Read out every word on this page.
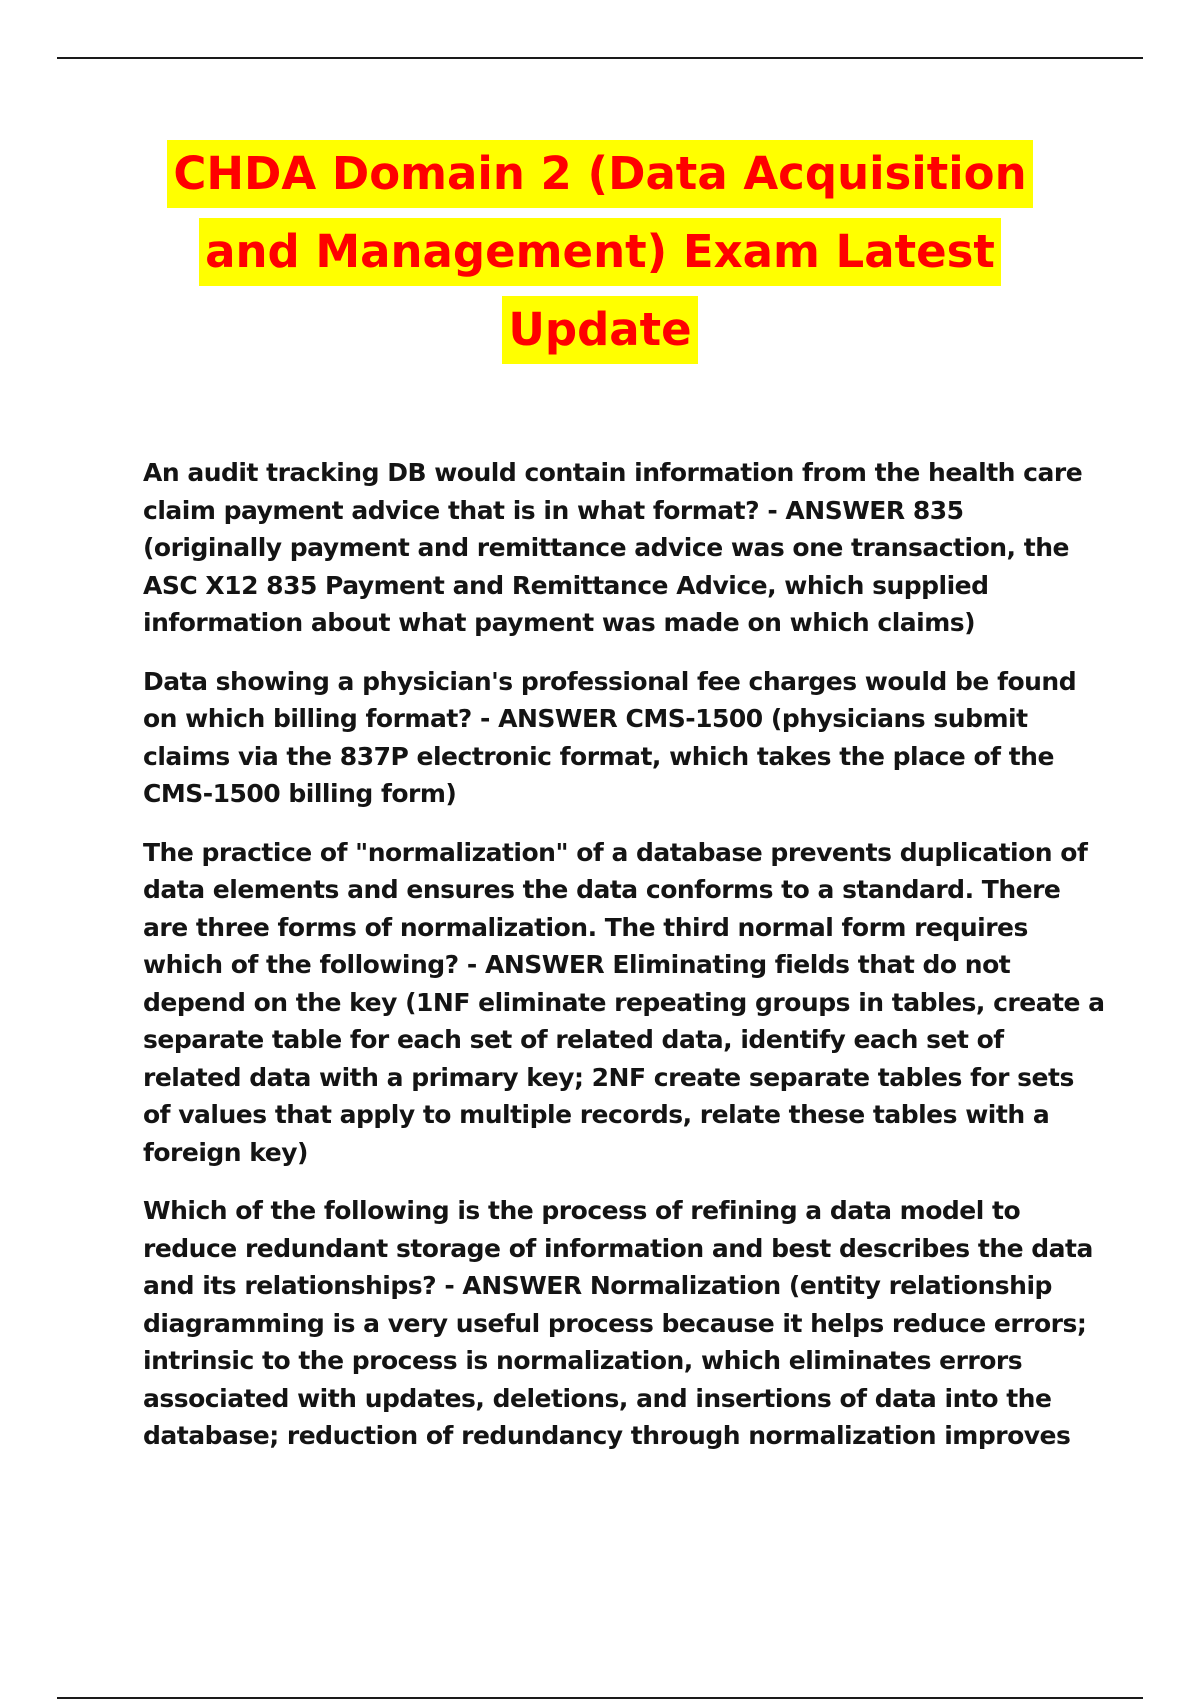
CHDA Domain 2 (Data Acquisition
and Management) Exam Latest
Update

An audit tracking DB would contain information from the health care claim payment advice that is in what format? - ANSWER 835 (originally payment and remittance advice was one transaction, the ASC X12 835 Payment and Remittance Advice, which supplied information about what payment was made on which claims)

Data showing a physician's professional fee charges would be found on which billing format? - ANSWER CMS-1500 (physicians submit claims via the 837P electronic format, which takes the place of the CMS-1500 billing form)

The practice of "normalization" of a database prevents duplication of data elements and ensures the data conforms to a standard. There are three forms of normalization. The third normal form requires which of the following? - ANSWER Eliminating fields that do not depend on the key (1NF eliminate repeating groups in tables, create a separate table for each set of related data, identify each set of related data with a primary key; 2NF create separate tables for sets of values that apply to multiple records, relate these tables with a foreign key)

Which of the following is the process of refining a data model to reduce redundant storage of information and best describes the data and its relationships? - ANSWER Normalization (entity relationship diagramming is a very useful process because it helps reduce errors; intrinsic to the process is normalization, which eliminates errors associated with updates, deletions, and insertions of data into the database; reduction of redundancy through normalization improves
